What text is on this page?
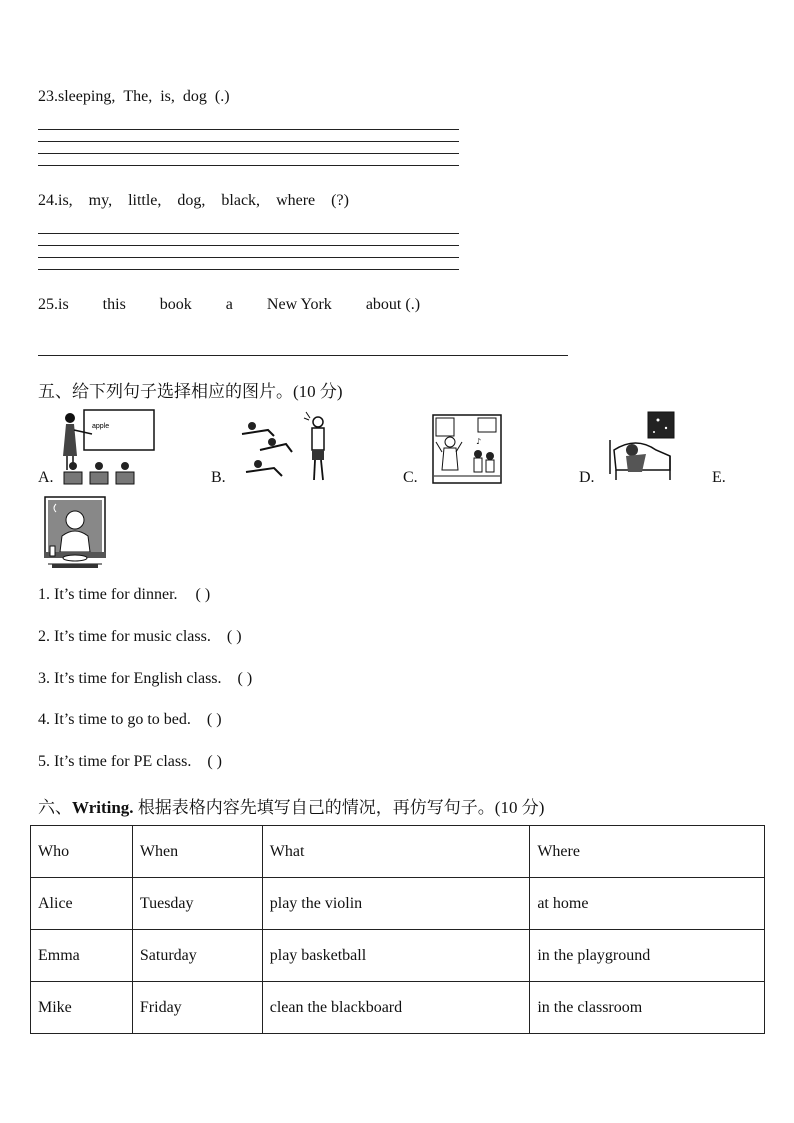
23.sleeping, The, is, dog (.)
24.is, my, little, dog, black, where (?)
25.is this book a New York about (.)
五、给下列句子选择相应的图片。(10 分)
apple
A.	B.
♪
C.	D.	E.
1. It’s time for dinner. ( )
2. It’s time for music class. ( )
3. It’s time for English class. ( )
4. It’s time to go to bed. ( )
5. It’s time for PE class. ( )
六、Writing. 根据表格内容先填写自己的情况，再仿写句子。(10 分)
Who	When	What	Where
Alice	Tuesday	play the violin	at home
Emma	Saturday	play basketball	in the playground
Mike	Friday	clean the blackboard	in the classroom
